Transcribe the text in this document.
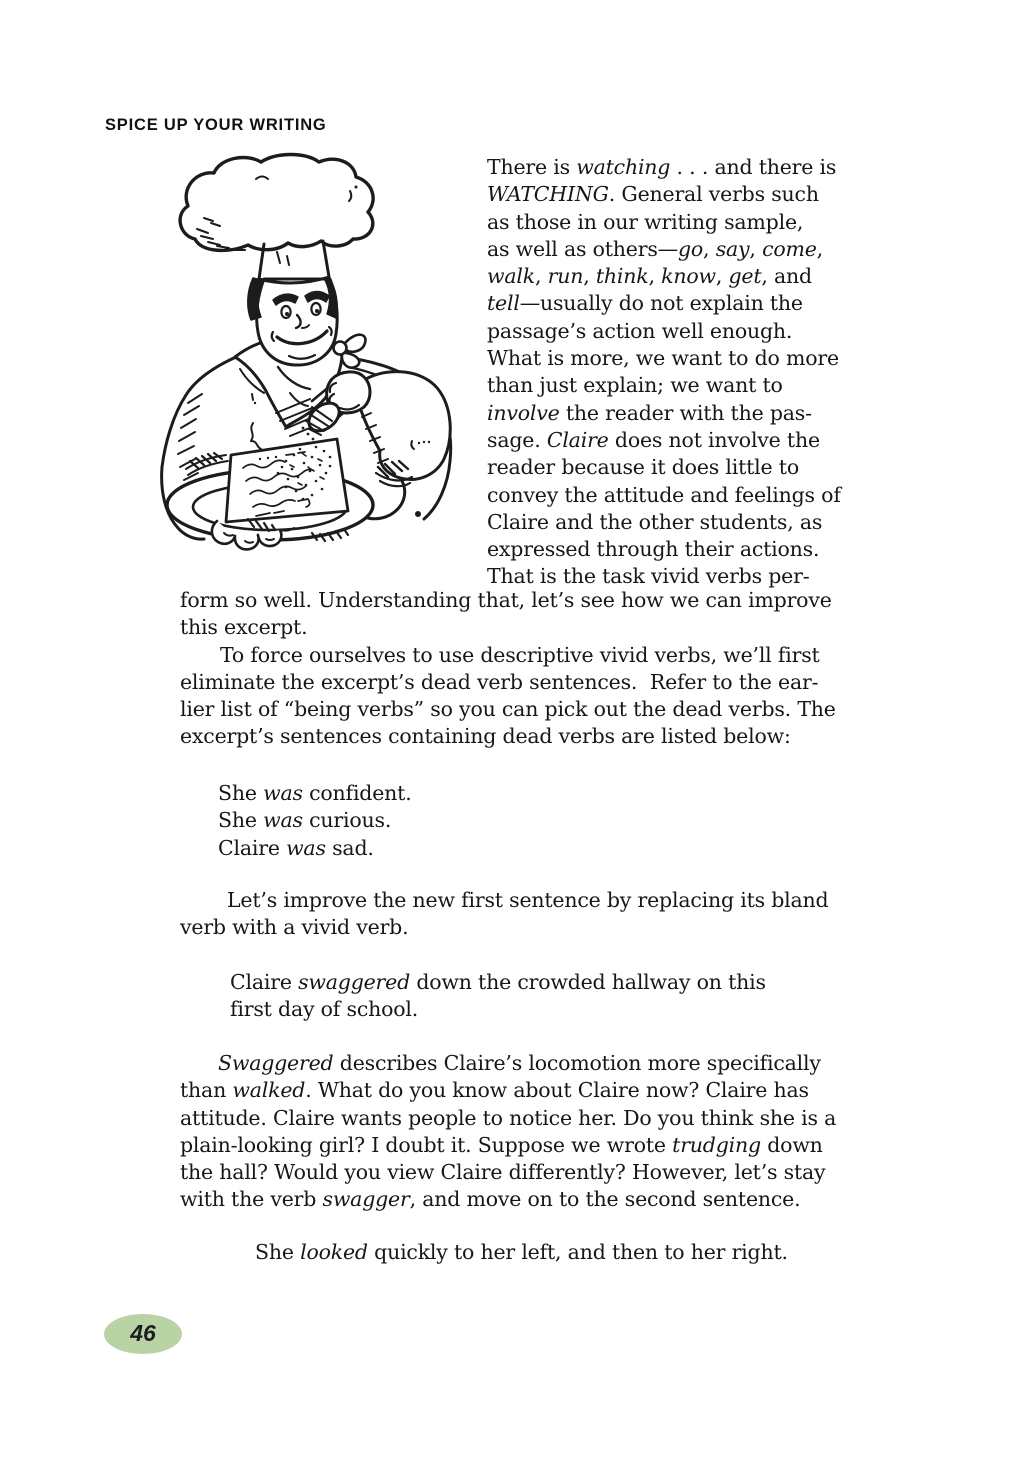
SPICE UP YOUR WRITING
There is watching . . . and there is
WATCHING. General verbs such
as those in our writing sample,
as well as others—go, say, come,
walk, run, think, know, get, and
tell—usually do not explain the
passage’s action well enough.
What is more, we want to do more
than just explain; we want to
involve the reader with the pas-
sage. Claire does not involve the
reader because it does little to
convey the attitude and feelings of
Claire and the other students, as
expressed through their actions.
That is the task vivid verbs per-
form so well. Understanding that, let’s see how we can improve
this excerpt.
To force ourselves to use descriptive vivid verbs, we’ll first
eliminate the excerpt’s dead verb sentences.  Refer to the ear-
lier list of “being verbs” so you can pick out the dead verbs. The
excerpt’s sentences containing dead verbs are listed below:
She was confident.
She was curious.
Claire was sad.
Let’s improve the new first sentence by replacing its bland
verb with a vivid verb.
Claire swaggered down the crowded hallway on this
first day of school.
Swaggered describes Claire’s locomotion more specifically
than walked. What do you know about Claire now? Claire has
attitude. Claire wants people to notice her. Do you think she is a
plain-looking girl? I doubt it. Suppose we wrote trudging down
the hall? Would you view Claire differently? However, let’s stay
with the verb swagger, and move on to the second sentence.
She looked quickly to her left, and then to her right.
46
